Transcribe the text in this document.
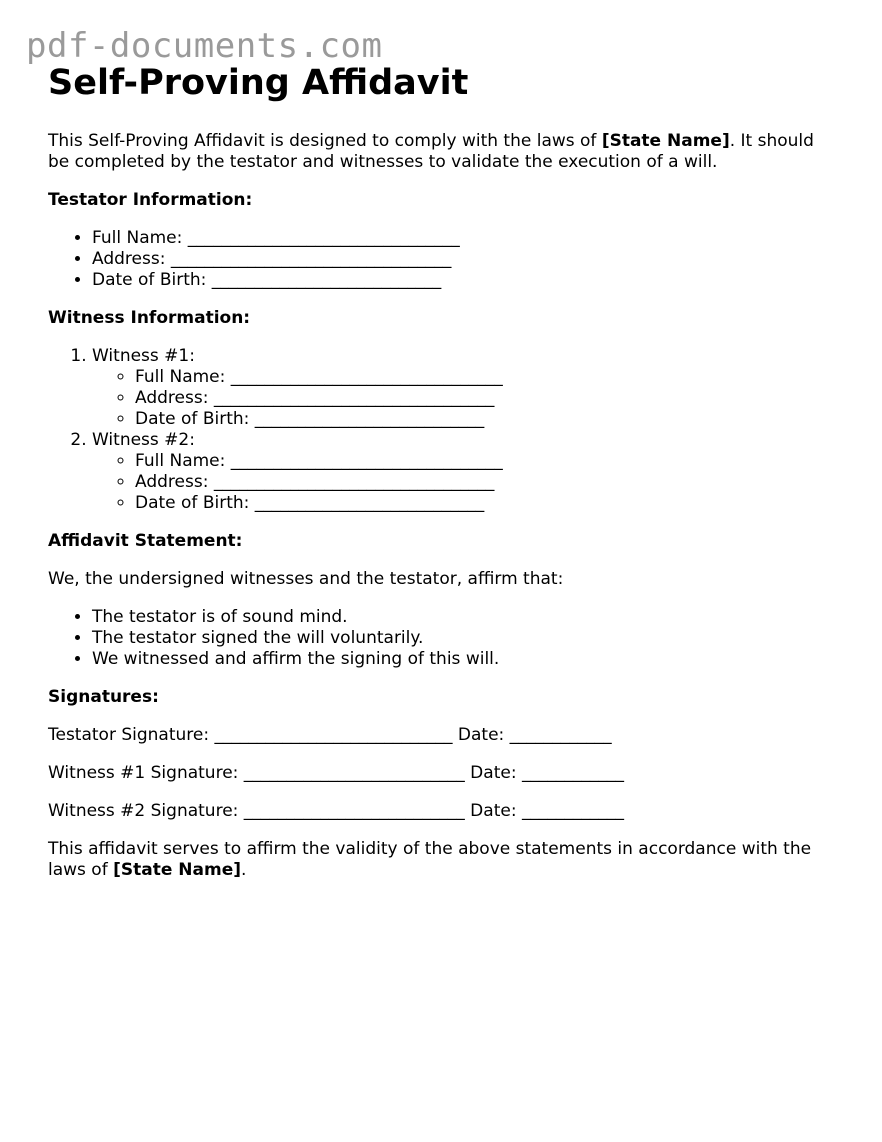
pdf-documents.com
Self-Proving Affidavit

This Self-Proving Affidavit is designed to comply with the laws of [State Name]. It should be completed by the testator and witnesses to validate the execution of a will.

Testator Information:
• Full Name: ________________________________
• Address: _________________________________
• Date of Birth: ___________________________
Witness Information:
1. Witness #1:
◦ Full Name: ________________________________
◦ Address: _________________________________
◦ Date of Birth: ___________________________
2. Witness #2:
◦ Full Name: ________________________________
◦ Address: _________________________________
◦ Date of Birth: ___________________________
Affidavit Statement:

We, the undersigned witnesses and the testator, affirm that:

• The testator is of sound mind.
• The testator signed the will voluntarily.
• We witnessed and affirm the signing of this will.
Signatures:

Testator Signature: ____________________________ Date: ____________

Witness #1 Signature: __________________________ Date: ____________

Witness #2 Signature: __________________________ Date: ____________

This affidavit serves to affirm the validity of the above statements in accordance with the laws of [State Name].
